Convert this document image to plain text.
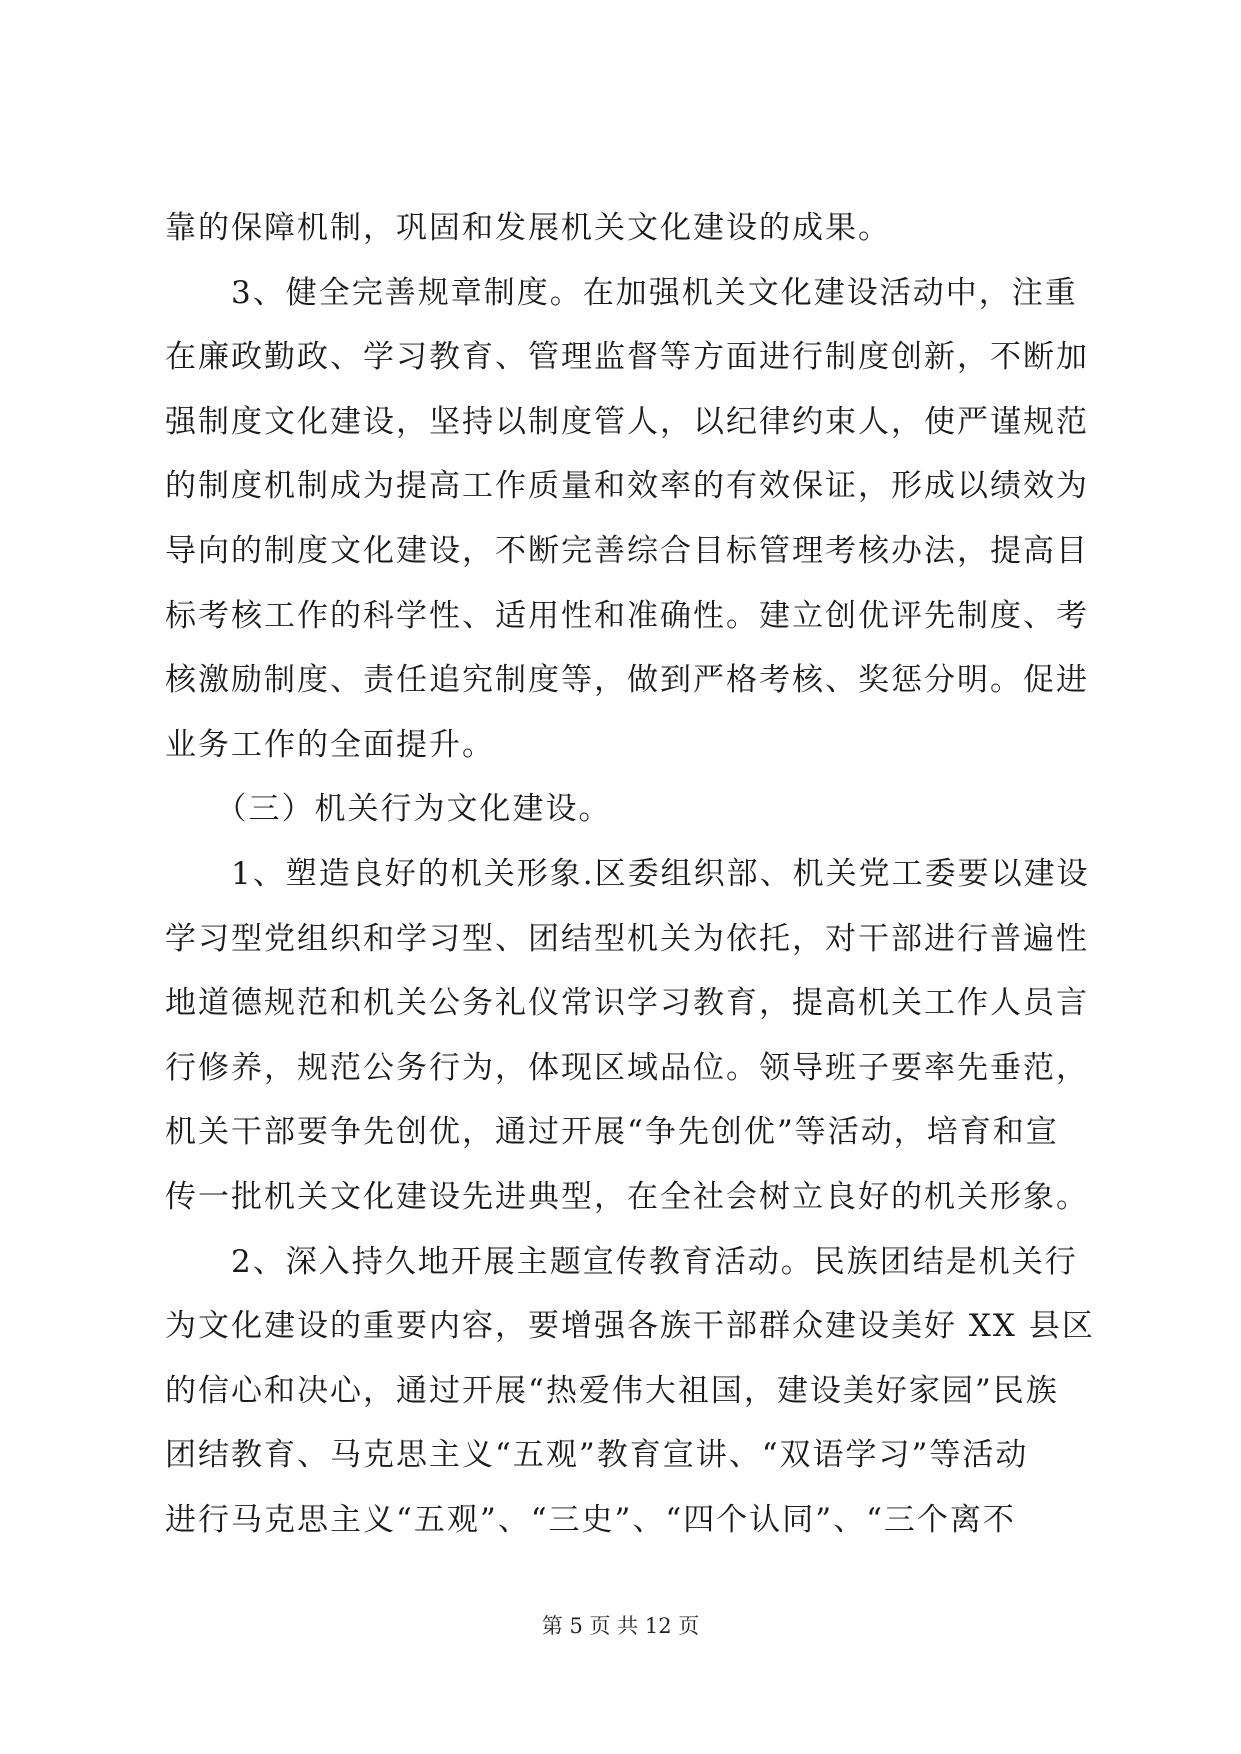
靠的保障机制，巩固和发展机关文化建设的成果。
　　3、健全完善规章制度。在加强机关文化建设活动中，注重
在廉政勤政、学习教育、管理监督等方面进行制度创新，不断加
强制度文化建设，坚持以制度管人，以纪律约束人，使严谨规范
的制度机制成为提高工作质量和效率的有效保证，形成以绩效为
导向的制度文化建设，不断完善综合目标管理考核办法，提高目
标考核工作的科学性、适用性和准确性。建立创优评先制度、考
核激励制度、责任追究制度等，做到严格考核、奖惩分明。促进
业务工作的全面提升。
　　（三）机关行为文化建设。
　　1、塑造良好的机关形象.区委组织部、机关党工委要以建设
学习型党组织和学习型、团结型机关为依托，对干部进行普遍性
地道德规范和机关公务礼仪常识学习教育，提高机关工作人员言
行修养，规范公务行为，体现区域品位。领导班子要率先垂范，
机关干部要争先创优，通过开展“争先创优”等活动，培育和宣
传一批机关文化建设先进典型，在全社会树立良好的机关形象。
　　2、深入持久地开展主题宣传教育活动。民族团结是机关行
为文化建设的重要内容，要增强各族干部群众建设美好 XX 县区
的信心和决心，通过开展“热爱伟大祖国，建设美好家园”民族
团结教育、马克思主义“五观”教育宣讲、“双语学习”等活动
进行马克思主义“五观”、“三史”、“四个认同”、“三个离不
第 5 页 共 12 页
